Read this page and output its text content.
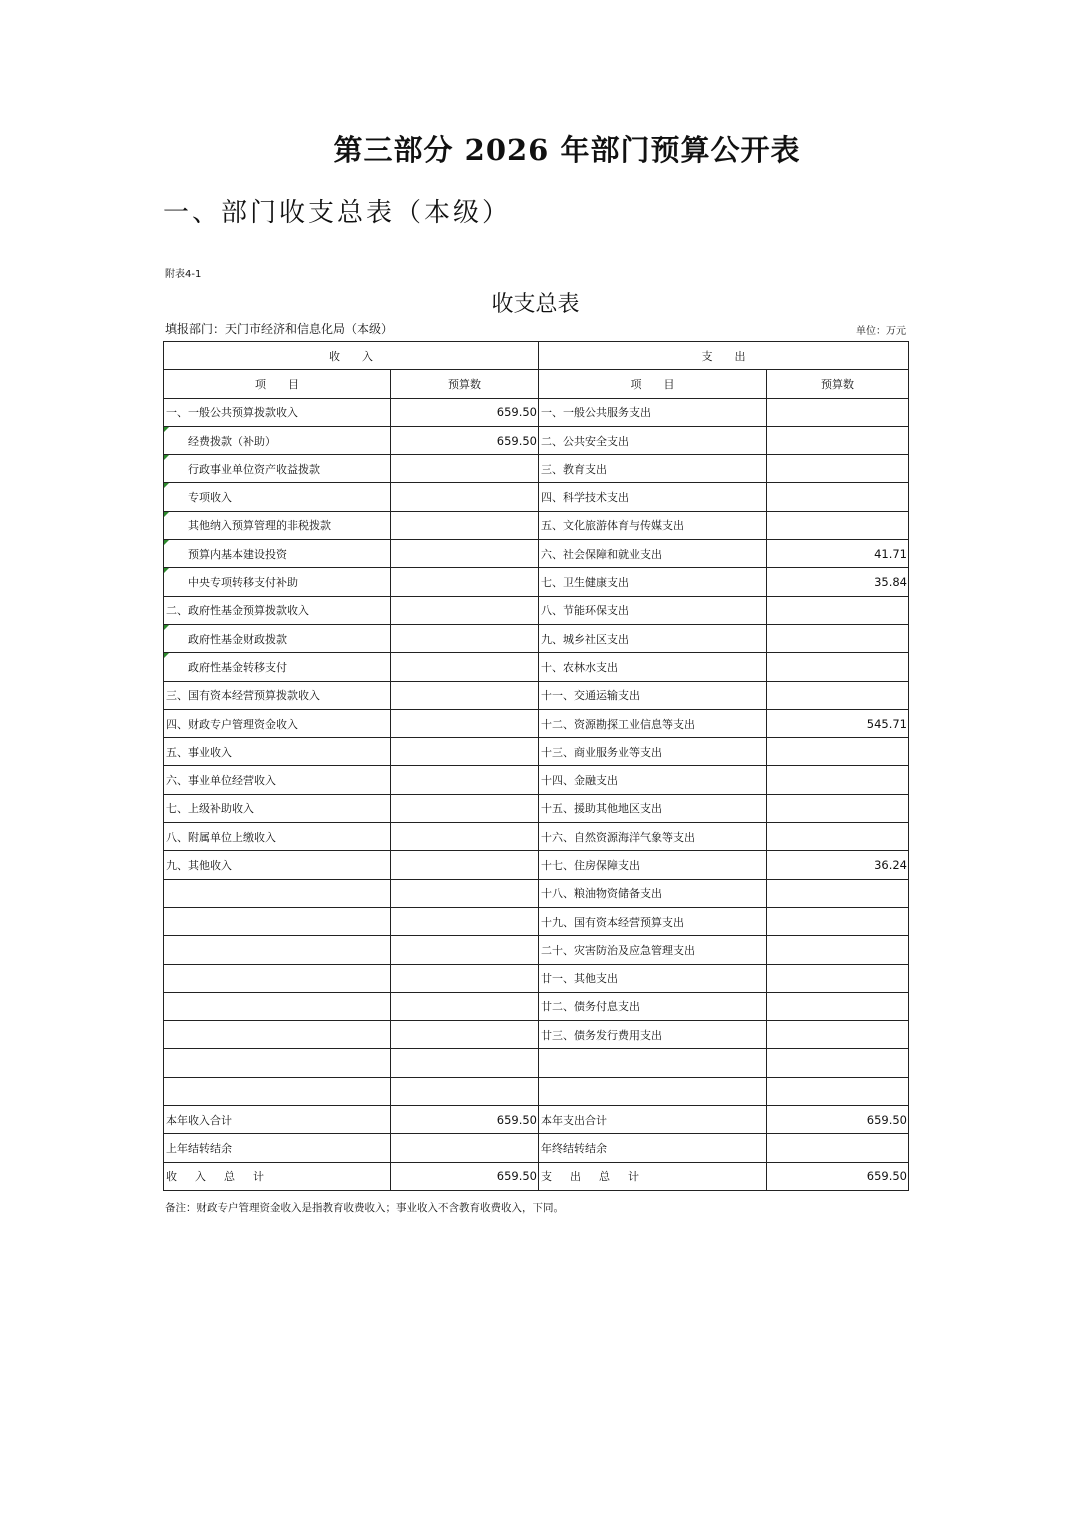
第三部分 2026 年部门预算公开表
一、部门收支总表（本级）
附表4-1
收支总表
填报部门：天门市经济和信息化局（本级）	单位：万元
收　　入		支　　出	
项　　目	预算数	项　　目	预算数
一、一般公共预算拨款收入	659.50	一、一般公共服务支出	
经费拨款（补助）	659.50	二、公共安全支出	
行政事业单位资产收益拨款		三、教育支出	
专项收入		四、科学技术支出	
其他纳入预算管理的非税拨款		五、文化旅游体育与传媒支出	
预算内基本建设投资		六、社会保障和就业支出	41.71
中央专项转移支付补助		七、卫生健康支出	35.84
二、政府性基金预算拨款收入		八、节能环保支出	
政府性基金财政拨款		九、城乡社区支出	
政府性基金转移支付		十、农林水支出	
三、国有资本经营预算拨款收入		十一、交通运输支出	
四、财政专户管理资金收入		十二、资源勘探工业信息等支出	545.71
五、事业收入		十三、商业服务业等支出	
六、事业单位经营收入		十四、金融支出	
七、上级补助收入		十五、援助其他地区支出	
八、附属单位上缴收入		十六、自然资源海洋气象等支出	
九、其他收入		十七、住房保障支出	36.24
		十八、粮油物资储备支出	
		十九、国有资本经营预算支出	
		二十、灾害防治及应急管理支出	
		廿一、其他支出	
		廿二、债务付息支出	
		廿三、债务发行费用支出	

本年收入合计	659.50	本年支出合计	659.50
上年结转结余		年终结转结余	
收入总计	659.50	支出总计	659.50
备注：财政专户管理资金收入是指教育收费收入；事业收入不含教育收费收入，下同。
